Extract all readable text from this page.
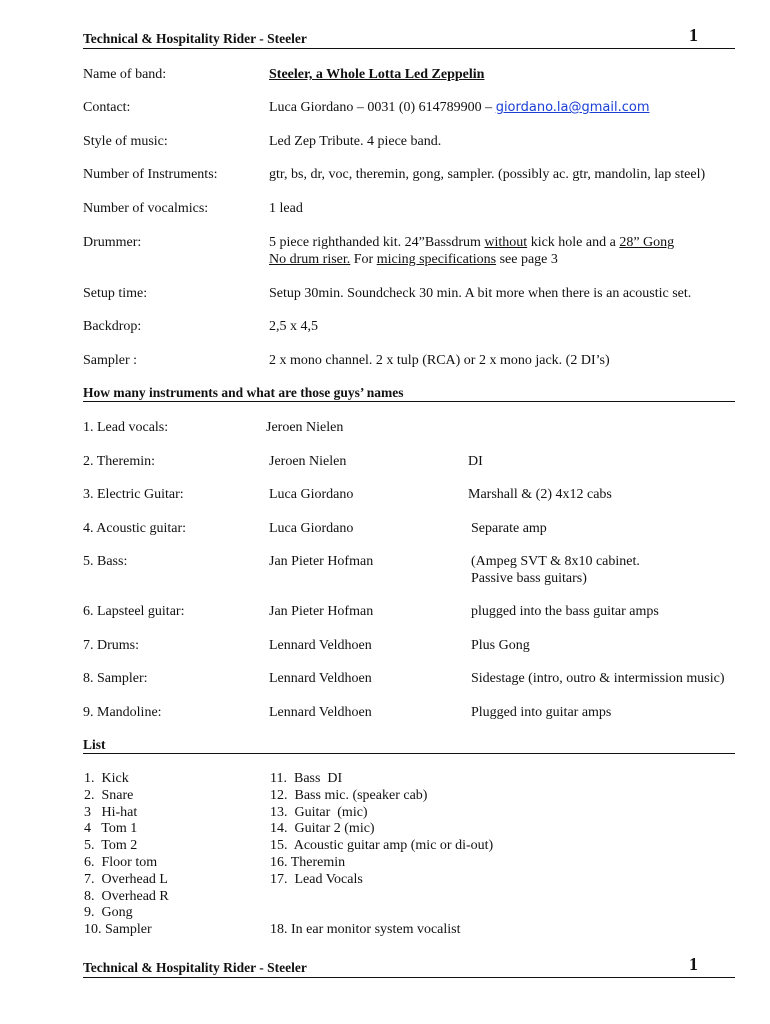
Technical & Hospitality Rider - Steeler	1
Name of band:	Steeler, a Whole Lotta Led Zeppelin
Contact:	Luca Giordano – 0031 (0) 614789900 – giordano.la@gmail.com
Style of music:	Led Zep Tribute. 4 piece band.
Number of Instruments:	gtr, bs, dr, voc, theremin, gong, sampler. (possibly ac. gtr, mandolin, lap steel)
Number of vocalmics:	1 lead
Drummer:	5 piece righthanded kit. 24”Bassdrum without kick hole and a 28” Gong
No drum riser. For micing specifications see page 3
Setup time:	Setup 30min. Soundcheck 30 min. A bit more when there is an acoustic set.
Backdrop:	2,5 x 4,5
Sampler :	2 x mono channel. 2 x tulp (RCA) or 2 x mono jack. (2 DI’s)
How many instruments and what are those guys’ names
1. Lead vocals:	Jeroen Nielen
2. Theremin:	Jeroen Nielen	DI
3. Electric Guitar:	Luca Giordano	Marshall & (2) 4x12 cabs
4. Acoustic guitar:	Luca Giordano	Separate amp
5. Bass:	Jan Pieter Hofman	(Ampeg SVT & 8x10 cabinet.
Passive bass guitars)
6. Lapsteel guitar:	Jan Pieter Hofman	plugged into the bass guitar amps
7. Drums:	Lennard Veldhoen	Plus Gong
8. Sampler:	Lennard Veldhoen	Sidestage (intro, outro & intermission music)
9. Mandoline:	Lennard Veldhoen	Plugged into guitar amps
List
1.  Kick
2.  Snare
3   Hi-hat
4   Tom 1
5.  Tom 2
6.  Floor tom
7.  Overhead L
8.  Overhead R
9.  Gong
10. Sampler
11.  Bass  DI
12.  Bass mic. (speaker cab)
13.  Guitar  (mic)
14.  Guitar 2 (mic)
15.  Acoustic guitar amp (mic or di-out)
16. Theremin
17.  Lead Vocals
18. In ear monitor system vocalist
Technical & Hospitality Rider - Steeler	1
